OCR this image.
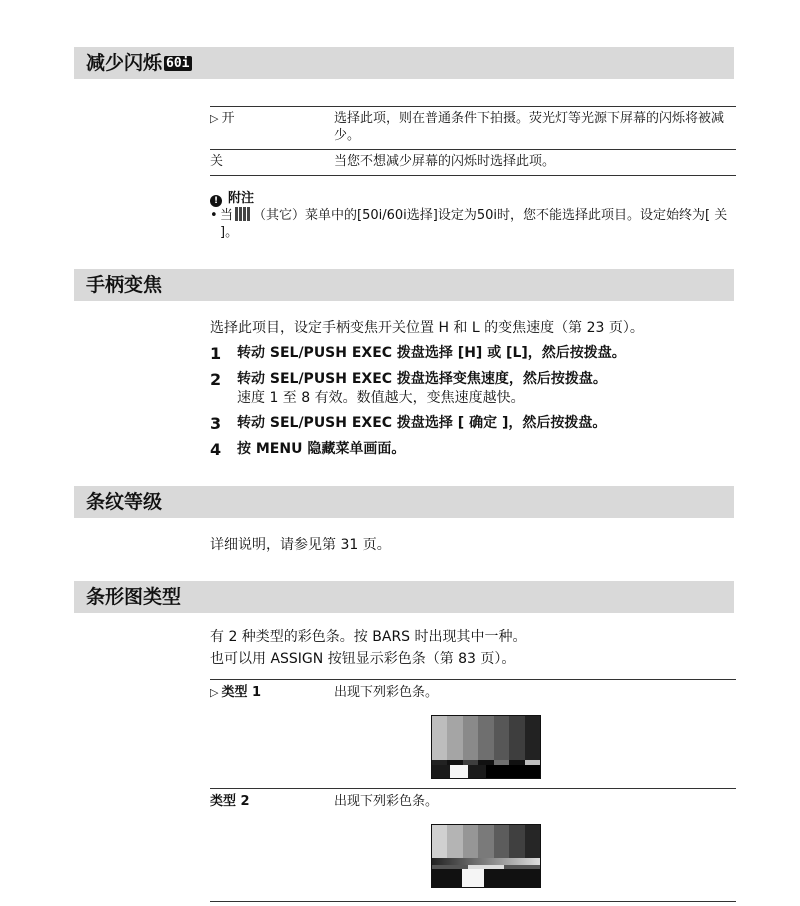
减少闪烁 60i
▷ 开	选择此项，则在普通条件下拍摄。荧光灯等光源下屏幕的闪烁将被减少。
关	当您不想减少屏幕的闪烁时选择此项。
! 附注
• 当 （其它）菜单中的[50i/60i选择]设定为50i时，您不能选择此项目。设定始终为[ 关 ]。
手柄变焦
选择此项目，设定手柄变焦开关位置 H 和 L 的变焦速度（第 23 页）。
1	转动 SEL/PUSH EXEC 拨盘选择 [H] 或 [L]，然后按拨盘。
2	转动 SEL/PUSH EXEC 拨盘选择变焦速度，然后按拨盘。
速度 1 至 8 有效。数值越大，变焦速度越快。
3	转动 SEL/PUSH EXEC 拨盘选择 [ 确定 ]，然后按拨盘。
4	按 MENU 隐藏菜单画面。
条纹等级
详细说明，请参见第 31 页。
条形图类型
有 2 种类型的彩色条。按 BARS 时出现其中一种。
也可以用 ASSIGN 按钮显示彩色条（第 83 页）。
▷ 类型 1	出现下列彩色条。
类型 2	出现下列彩色条。
